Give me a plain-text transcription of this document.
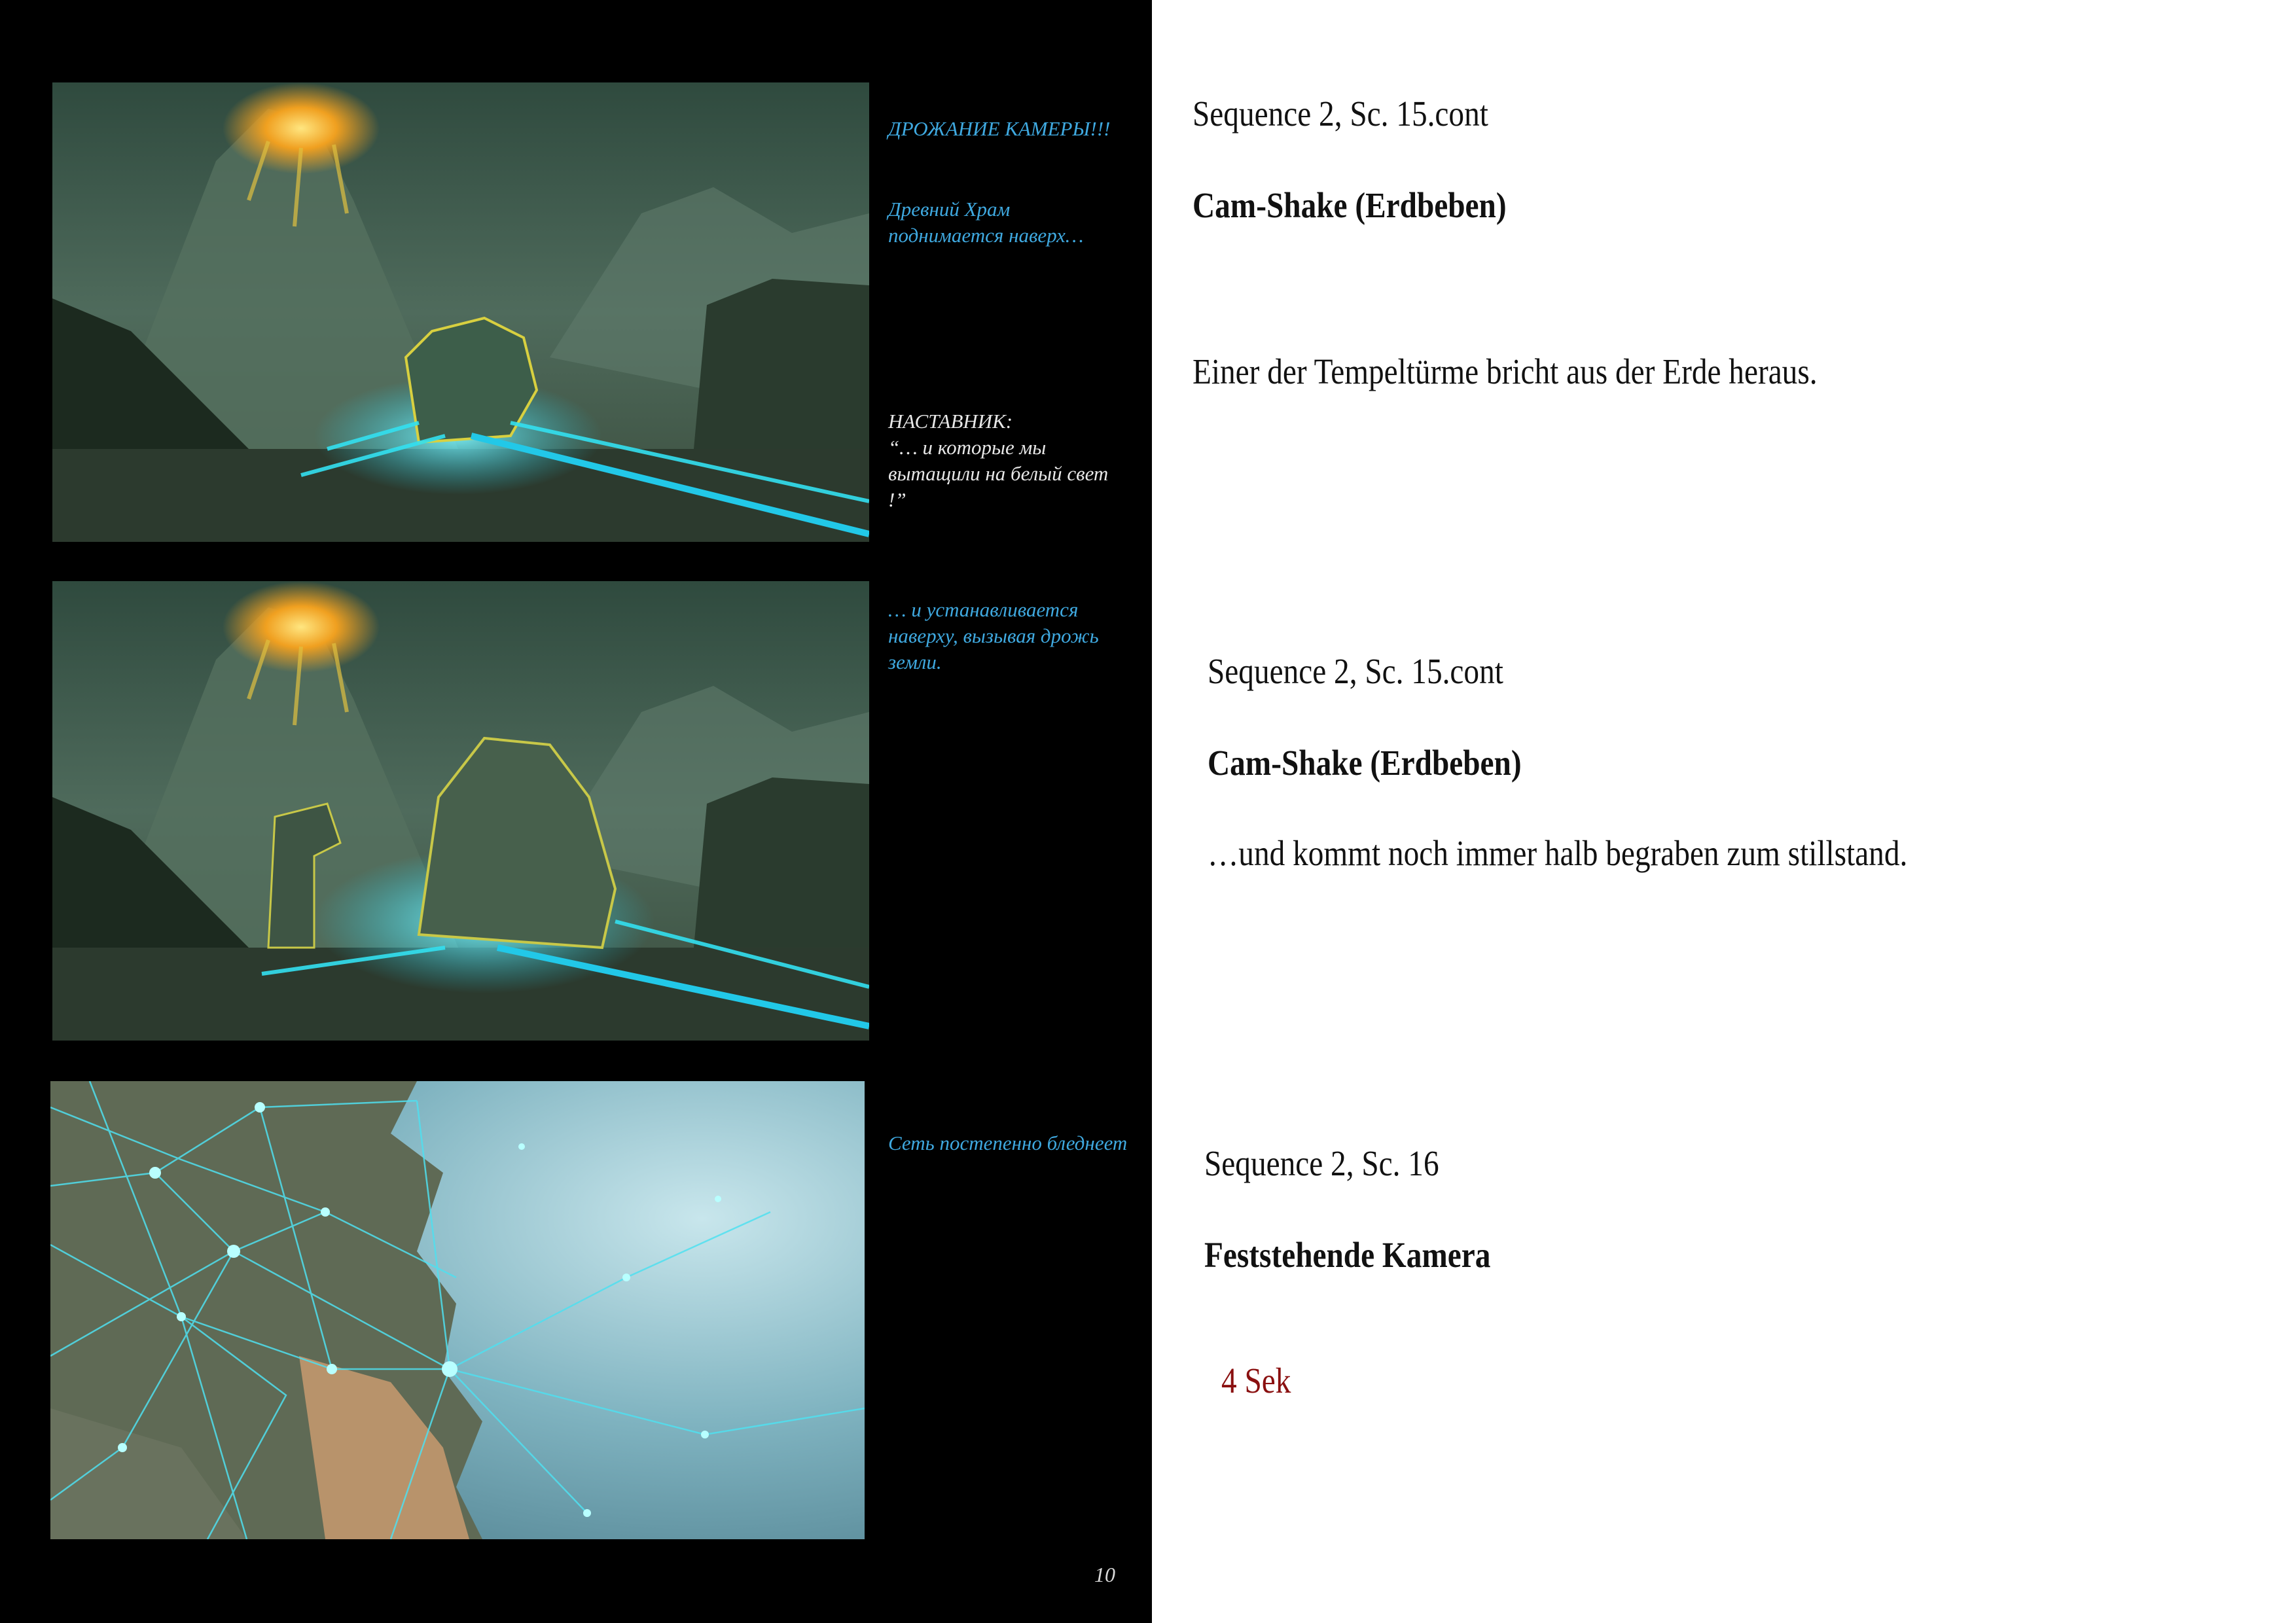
ДРОЖАНИЕ КАМЕРЫ!!!
Древний Храм
поднимается наверх…
НАСТАВНИК:
“… и которые мы
вытащили на белый свет
!”
… и устанавливается
наверху, вызывая дрожь
земли.
Сеть постепенно бледнеет
10
Sequence 2, Sc. 15.cont
Cam-Shake (Erdbeben)
Einer der Tempeltürme bricht aus der Erde heraus.
Sequence 2, Sc. 15.cont
Cam-Shake (Erdbeben)
…und kommt noch immer halb begraben zum stillstand.
Sequence 2, Sc. 16
Feststehende Kamera
4 Sek
